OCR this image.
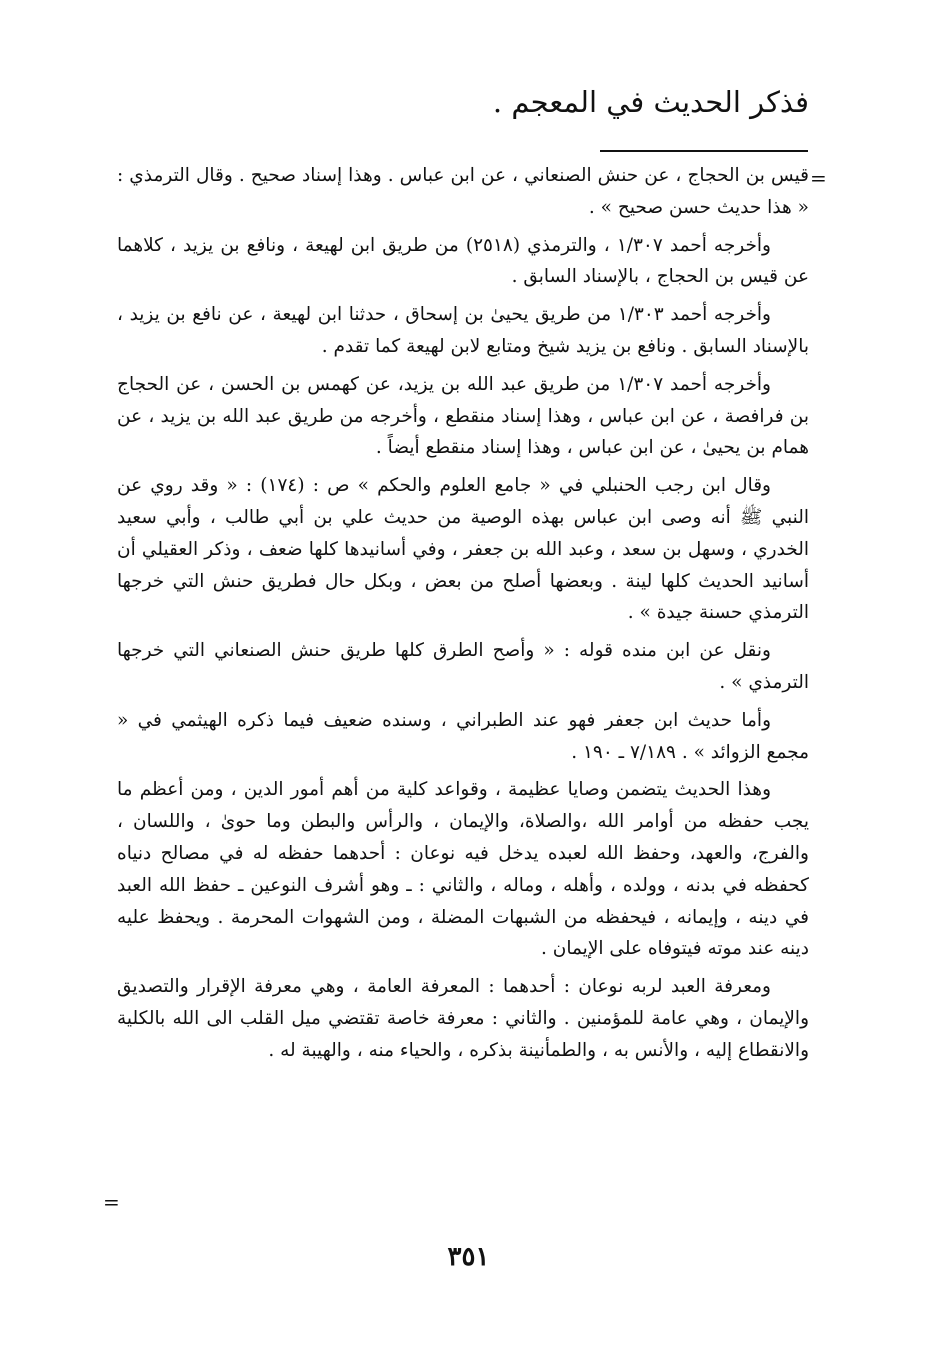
فذكر الحديث في المعجم .
=

قيس بن الحجاج ، عن حنش الصنعاني ، عن ابن عباس . وهذا إسناد صحيح . وقال الترمذي : « هذا حديث حسن صحيح » .

وأخرجه أحمد ١/٣٠٧ ، والترمذي (٢٥١٨) من طريق ابن لهيعة ، ونافع بن يزيد ، كلاهما عن قيس بن الحجاج ، بالإسناد السابق .

وأخرجه أحمد ١/٣٠٣ من طريق يحيىٰ بن إسحاق ، حدثنا ابن لهيعة ، عن نافع بن يزيد ، بالإسناد السابق . ونافع بن يزيد شيخ ومتابع لابن لهيعة كما تقدم .

وأخرجه أحمد ١/٣٠٧ من طريق عبد الله بن يزيد، عن كهمس بن الحسن ، عن الحجاج بن فرافصة ، عن ابن عباس ، وهذا إسناد منقطع ، وأخرجه من طريق عبد الله بن يزيد ، عن همام بن يحيىٰ ، عن ابن عباس ، وهذا إسناد منقطع أيضاً .

وقال ابن رجب الحنبلي في « جامع العلوم والحكم » ص : (١٧٤) : « وقد روي عن النبي ﷺ أنه وصى ابن عباس بهذه الوصية من حديث علي بن أبي طالب ، وأبي سعيد الخدري ، وسهل بن سعد ، وعبد الله بن جعفر ، وفي أسانيدها كلها ضعف ، وذكر العقيلي أن أسانيد الحديث كلها لينة . وبعضها أصلح من بعض ، وبكل حال فطريق حنش التي خرجها الترمذي حسنة جيدة » .

ونقل عن ابن منده قوله : « وأصح الطرق كلها طريق حنش الصنعاني التي خرجها الترمذي » .

وأما حديث ابن جعفر فهو عند الطبراني ، وسنده ضعيف فيما ذكره الهيثمي في « مجمع الزوائد » . ٧/١٨٩ ـ ١٩٠ .

وهذا الحديث يتضمن وصايا عظيمة ، وقواعد كلية من أهم أمور الدين ، ومن أعظم ما يجب حفظه من أوامر الله ،والصلاة، والإيمان ، والرأس والبطن وما حوىٰ ، واللسان ، والفرج، والعهد، وحفظ الله لعبده يدخل فيه نوعان : أحدهما حفظه له في مصالح دنياه كحفظه في بدنه ، وولده ، وأهله ، وماله ، والثاني : ـ وهو أشرف النوعين ـ حفظ الله العبد في دينه ، وإيمانه ، فيحفظه من الشبهات المضلة ، ومن الشهوات المحرمة . ويحفظ عليه دينه عند موته فيتوفاه على الإيمان .

ومعرفة العبد لربه نوعان : أحدهما : المعرفة العامة ، وهي معرفة الإقرار والتصديق والإيمان ، وهي عامة للمؤمنين . والثاني : معرفة خاصة تقتضي ميل القلب الى الله بالكلية والانقطاع إليه ، والأنس به ، والطمأنينة بذكره ، والحياء منه ، والهيبة له .

=
٣٥١
